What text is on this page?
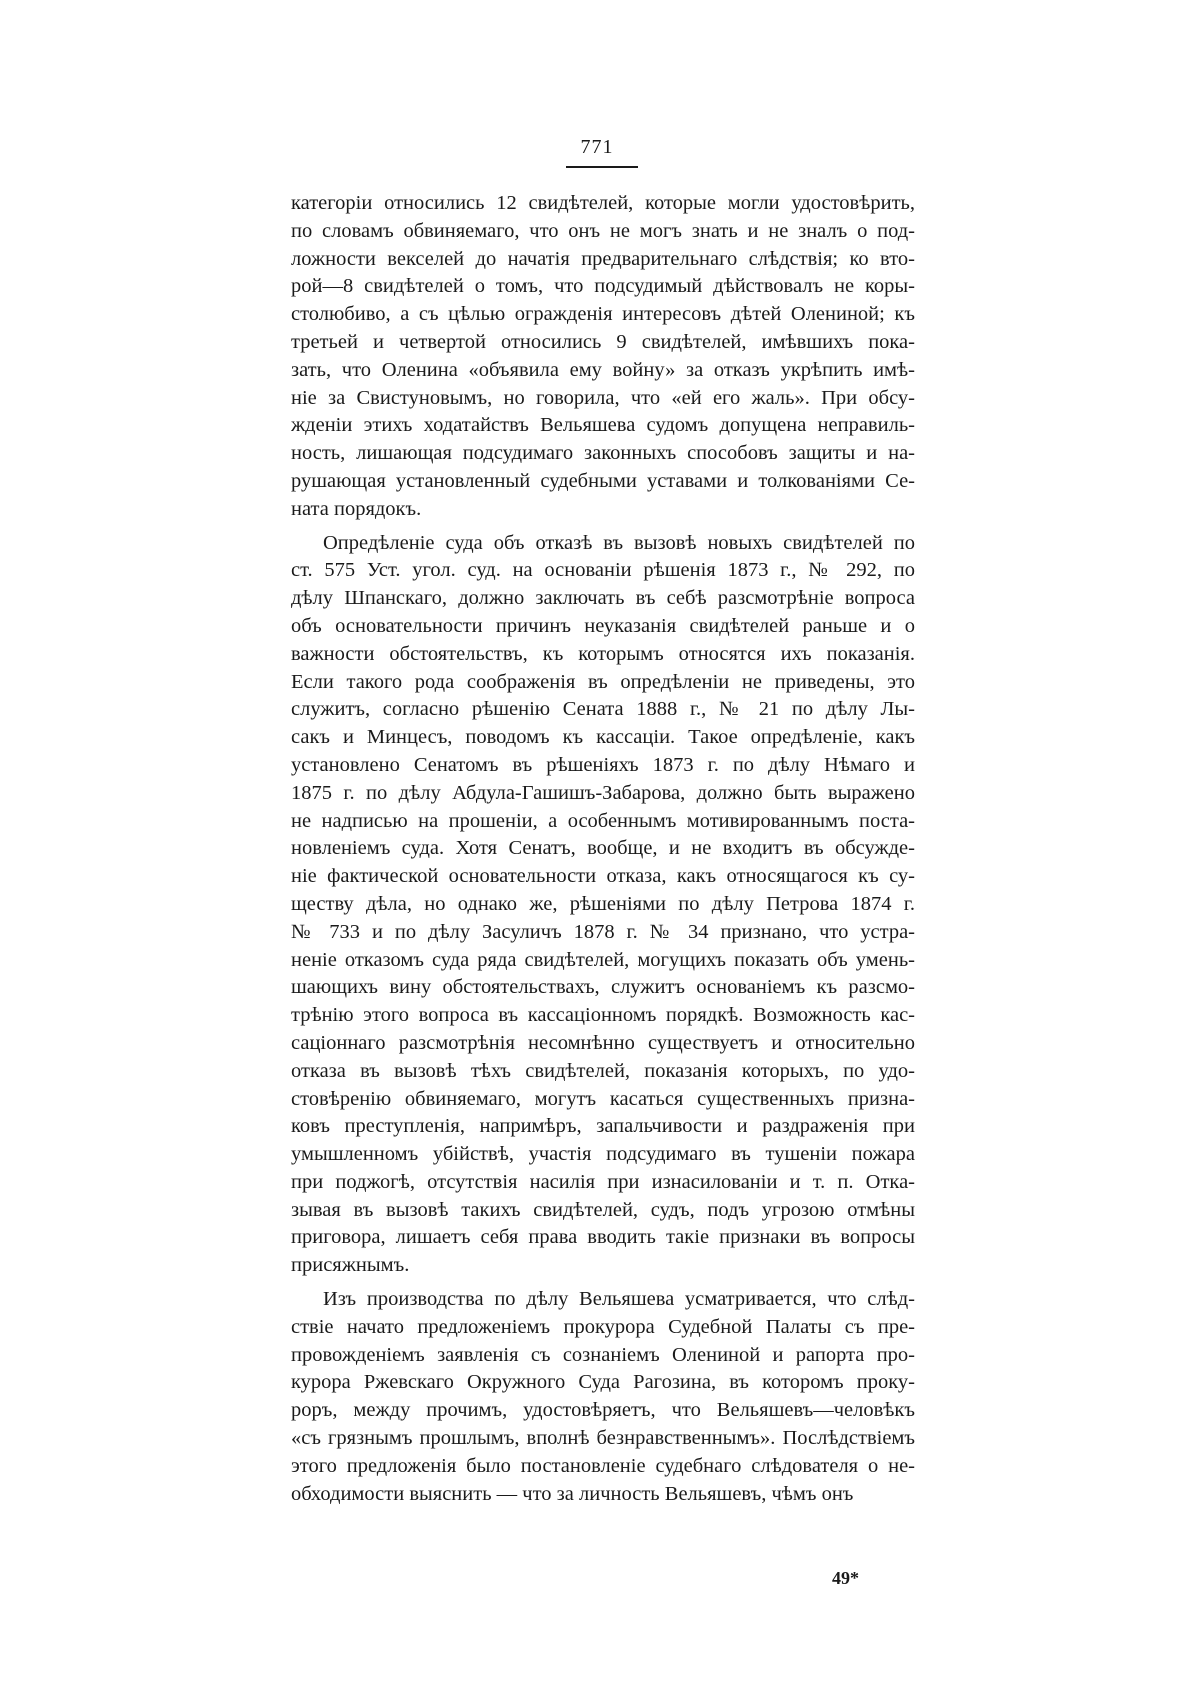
771
категоріи относились 12 свидѣтелей, которые могли удостовѣрить,
по словамъ обвиняемаго, что онъ не могъ знать и не зналъ о под-
ложности векселей до начатія предварительнаго слѣдствія; ко вто-
рой—8 свидѣтелей о томъ, что подсудимый дѣйствовалъ не коры-
столюбиво, а съ цѣлью огражденія интересовъ дѣтей Олениной; къ
третьей и четвертой относились 9 свидѣтелей, имѣвшихъ пока-
зать, что Оленина «объявила ему войну» за отказъ укрѣпить имѣ-
ніе за Свистуновымъ, но говорила, что «ей его жаль». При обсу-
жденіи этихъ ходатайствъ Вельяшева судомъ допущена неправиль-
ность, лишающая подсудимаго законныхъ способовъ защиты и на-
рушающая установленный судебными уставами и толкованіями Се-
ната порядокъ.
Опредѣленіе суда объ отказѣ въ вызовѣ новыхъ свидѣтелей по
ст. 575 Уст. угол. суд. на основаніи рѣшенія 1873 г., № 292, по
дѣлу Шпанскаго, должно заключать въ себѣ разсмотрѣніе вопроса
объ основательности причинъ неуказанія свидѣтелей раньше и о
важности обстоятельствъ, къ которымъ относятся ихъ показанія.
Если такого рода соображенія въ опредѣленіи не приведены, это
служитъ, согласно рѣшенію Сената 1888 г., № 21 по дѣлу Лы-
сакъ и Минцесъ, поводомъ къ кассаціи. Такое опредѣленіе, какъ
установлено Сенатомъ въ рѣшеніяхъ 1873 г. по дѣлу Нѣмаго и
1875 г. по дѣлу Абдула-Гашишъ-Забарова, должно быть выражено
не надписью на прошеніи, а особеннымъ мотивированнымъ поста-
новленіемъ суда. Хотя Сенатъ, вообще, и не входитъ въ обсужде-
ніе фактической основательности отказа, какъ относящагося къ су-
ществу дѣла, но однако же, рѣшеніями по дѣлу Петрова 1874 г.
№ 733 и по дѣлу Засуличъ 1878 г. № 34 признано, что устра-
неніе отказомъ суда ряда свидѣтелей, могущихъ показать объ умень-
шающихъ вину обстоятельствахъ, служитъ основаніемъ къ разсмо-
трѣнію этого вопроса въ кассаціонномъ порядкѣ. Возможность кас-
саціоннаго разсмотрѣнія несомнѣнно существуетъ и относительно
отказа въ вызовѣ тѣхъ свидѣтелей, показанія которыхъ, по удо-
стовѣренію обвиняемаго, могутъ касаться существенныхъ призна-
ковъ преступленія, напримѣръ, запальчивости и раздраженія при
умышленномъ убійствѣ, участія подсудимаго въ тушеніи пожара
при поджогѣ, отсутствія насилія при изнасилованіи и т. п. Отка-
зывая въ вызовѣ такихъ свидѣтелей, судъ, подъ угрозою отмѣны
приговора, лишаетъ себя права вводить такіе признаки въ вопросы
присяжнымъ.
Изъ производства по дѣлу Вельяшева усматривается, что слѣд-
ствіе начато предложеніемъ прокурора Судебной Палаты съ пре-
провожденіемъ заявленія съ сознаніемъ Олениной и рапорта про-
курора Ржевскаго Окружного Суда Рагозина, въ которомъ проку-
роръ, между прочимъ, удостовѣряетъ, что Вельяшевъ—человѣкъ
«съ грязнымъ прошлымъ, вполнѣ безнравственнымъ». Послѣдствіемъ
этого предложенія было постановленіе судебнаго слѣдователя о не-
обходимости выяснить — что за личность Вельяшевъ, чѣмъ онъ
49*
